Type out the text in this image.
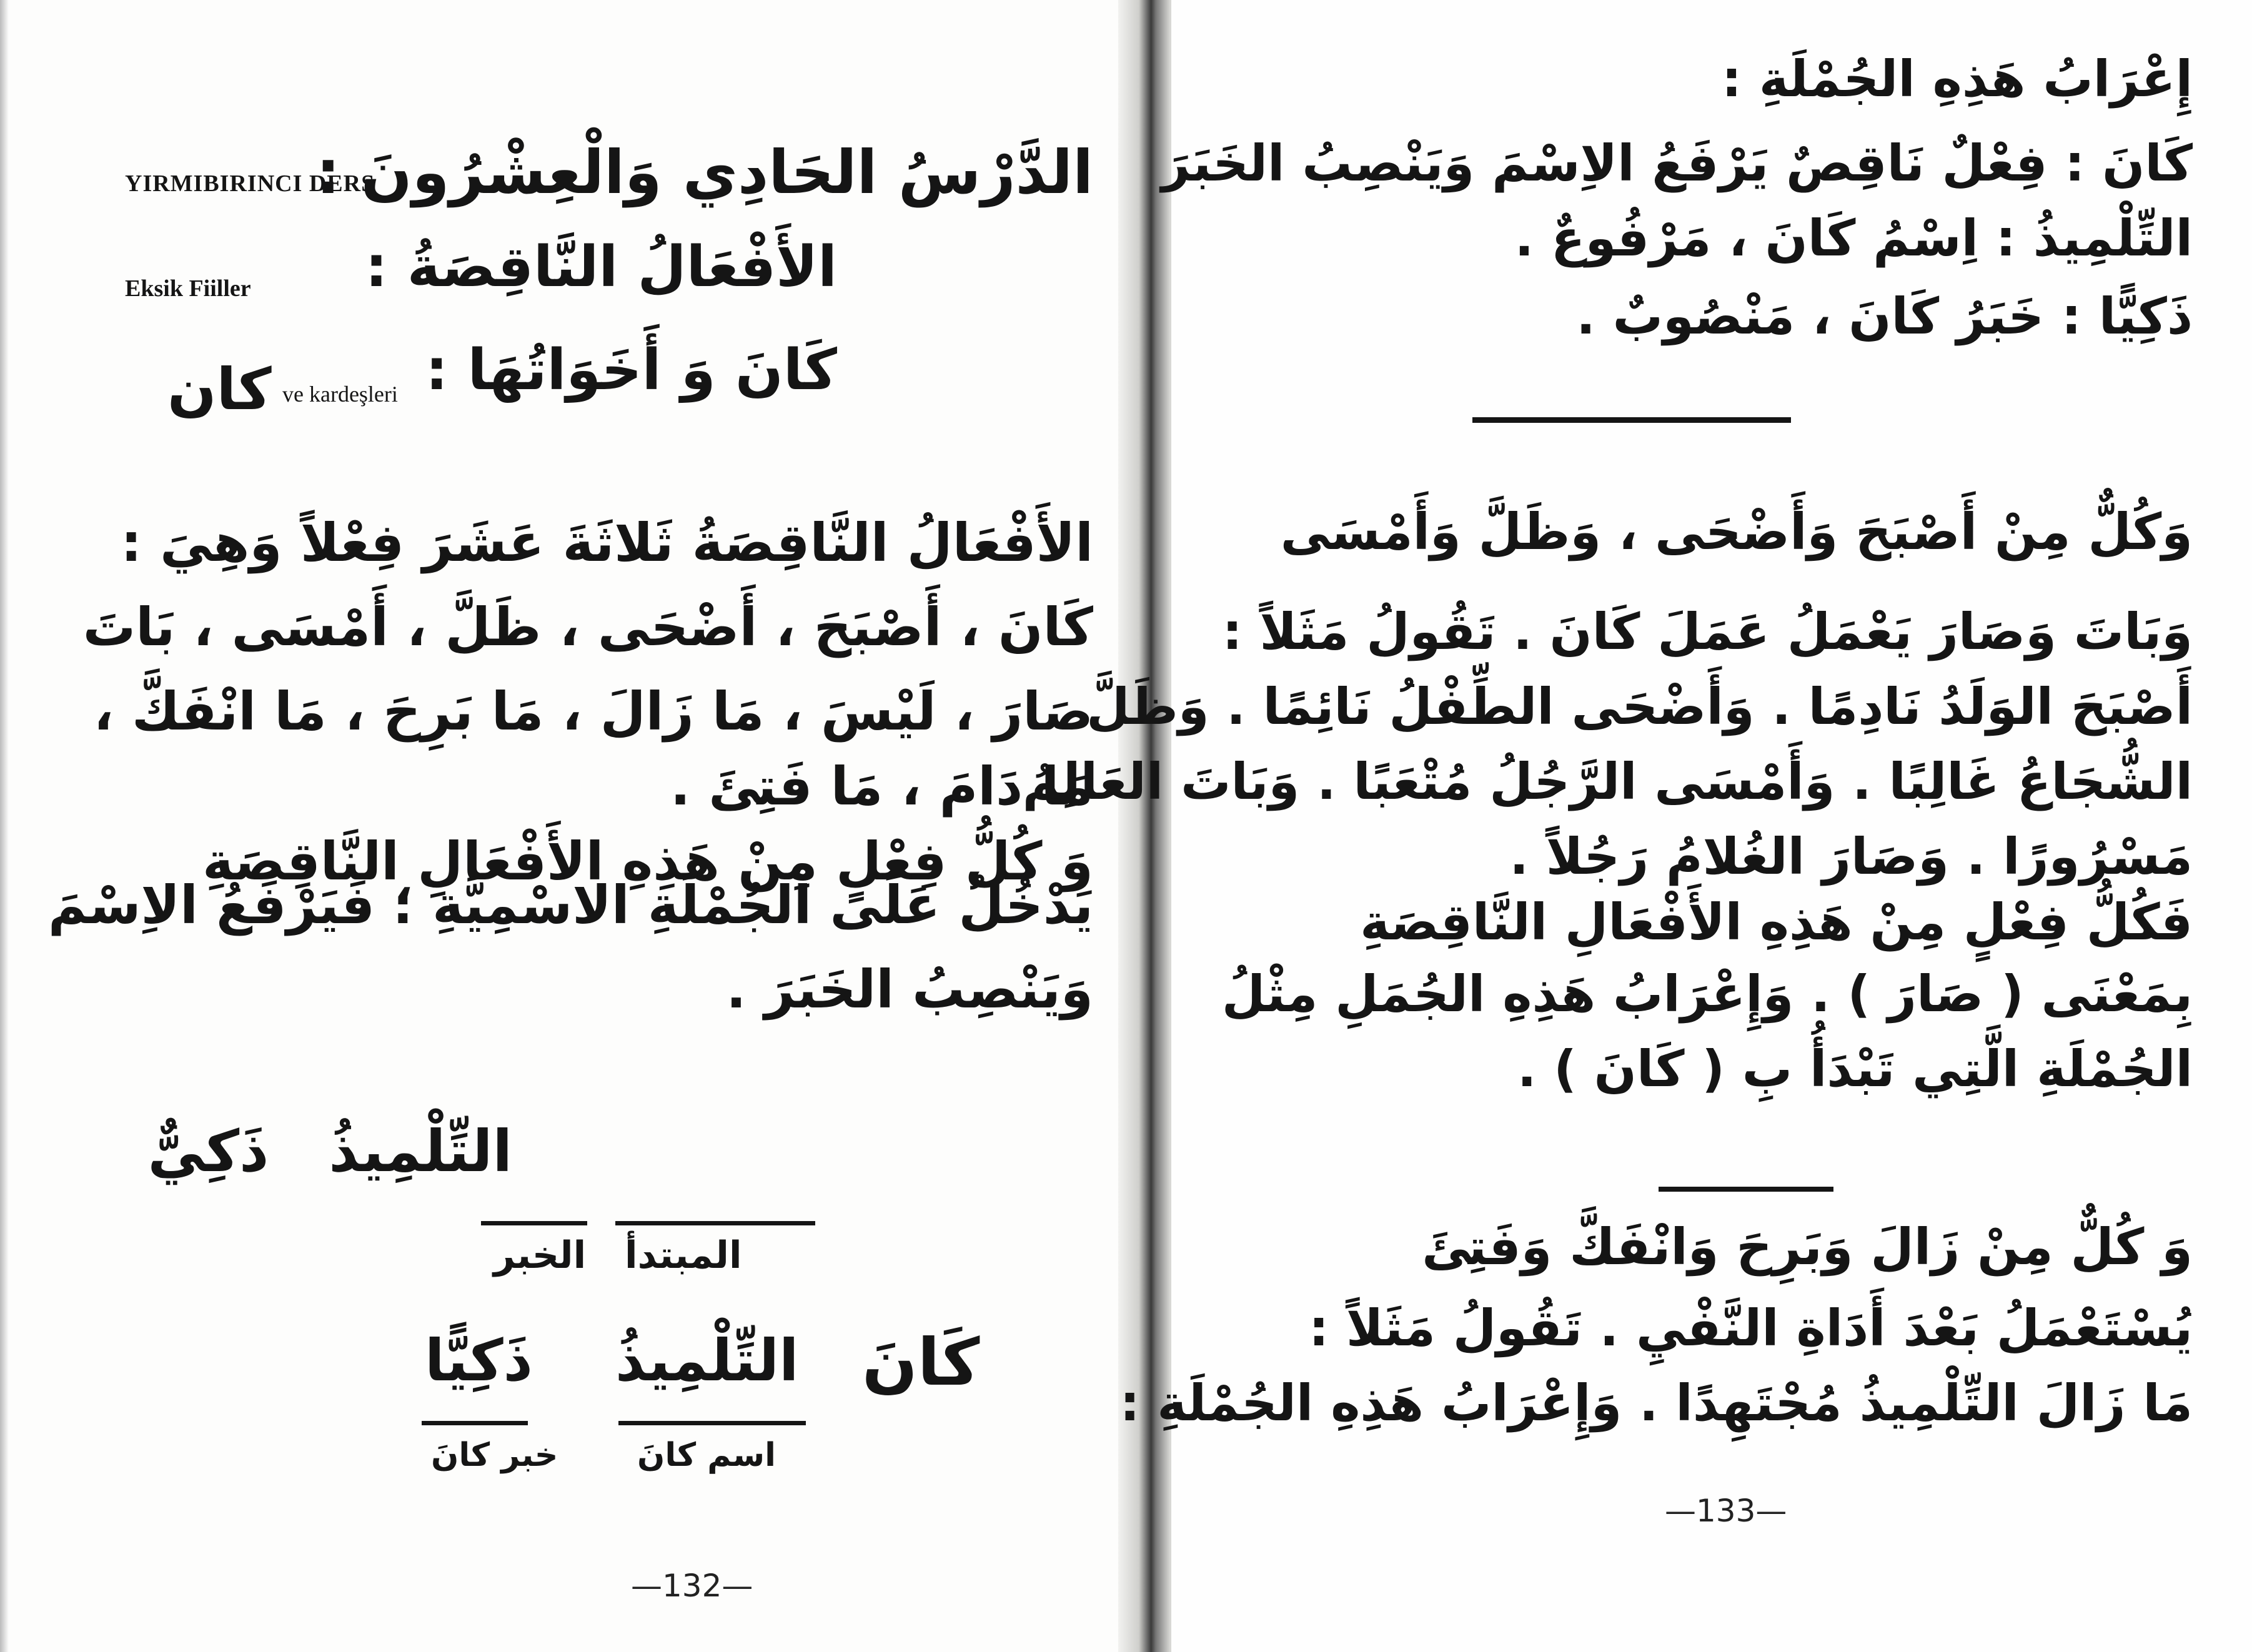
YIRMIBIRINCI DERS
الدَّرْسُ الحَادِي وَالْعِشْرُونَ :
Eksik Fiiller الأَفْعَالُ النَّاقِصَةُ :
كان ve kardeşleri كَانَ وَ أَخَوَاتُهَا :
الأَفْعَالُ النَّاقِصَةُ ثَلاثَةَ عَشَرَ فِعْلاً وَهِيَ :
كَانَ ، أَصْبَحَ ، أَضْحَى ، ظَلَّ ، أَمْسَى ، بَاتَ
صَارَ ، لَيْسَ ، مَا زَالَ ، مَا بَرِحَ ، مَا انْفَكَّ ،
مَا دَامَ ، مَا فَتِئَ .
وَ كُلُّ فِعْلٍ مِنْ هَذِهِ الأَفْعَالِ النَّاقِصَةِ
يَدْخُلُ عَلَى الجُمْلَةِ الاسْمِيَّةِ ؛ فَيَرْفَعُ الاِسْمَ
وَيَنْصِبُ الخَبَرَ .
التِّلْمِيذُ   ذَكِيٌّ
المبتدأ
الخبر
كَانَ
التِّلْمِيذُ
ذَكِيًّا
اسم كانَ
خبر كانَ
—132—
إِعْرَابُ هَذِهِ الجُمْلَةِ :
كَانَ : فِعْلٌ نَاقِصٌ يَرْفَعُ الاِسْمَ وَيَنْصِبُ الخَبَرَ
التِّلْمِيذُ : اِسْمُ كَانَ ، مَرْفُوعٌ .
ذَكِيًّا : خَبَرُ كَانَ ، مَنْصُوبٌ .
وَكُلٌّ مِنْ أَصْبَحَ وَأَضْحَى ، وَظَلَّ وَأَمْسَى
وَبَاتَ وَصَارَ يَعْمَلُ عَمَلَ كَانَ . تَقُولُ مَثَلاً :
أَصْبَحَ الوَلَدُ نَادِمًا . وَأَضْحَى الطِّفْلُ نَائِمًا . وَظَلَّ
الشُّجَاعُ غَالِبًا . وَأَمْسَى الرَّجُلُ مُتْعَبًا . وَبَاتَ العَالِمُ
مَسْرُورًا . وَصَارَ الغُلامُ رَجُلاً .
فَكُلُّ فِعْلٍ مِنْ هَذِهِ الأَفْعَالِ النَّاقِصَةِ
بِمَعْنَى ( صَارَ ) . وَإِعْرَابُ هَذِهِ الجُمَلِ مِثْلُ
الجُمْلَةِ الَّتِي تَبْدَأُ بِ ( كَانَ ) .
وَ كُلٌّ مِنْ زَالَ وَبَرِحَ وَانْفَكَّ وَفَتِئَ
يُسْتَعْمَلُ بَعْدَ أَدَاةِ النَّفْيِ . تَقُولُ مَثَلاً :
مَا زَالَ التِّلْمِيذُ مُجْتَهِدًا . وَإِعْرَابُ هَذِهِ الجُمْلَةِ :
—133—
